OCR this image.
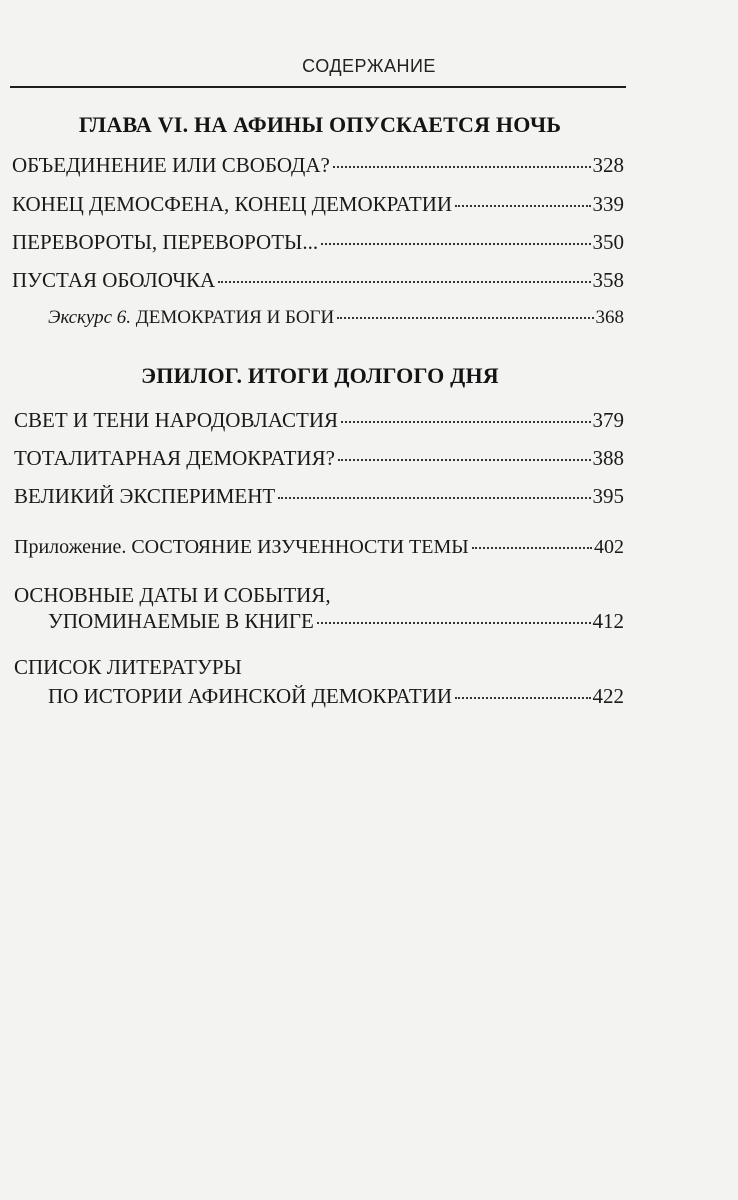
СОДЕРЖАНИЕ
ГЛАВА VI. НА АФИНЫ ОПУСКАЕТСЯ НОЧЬ
ОБЪЕДИНЕНИЕ ИЛИ СВОБОДА?	328
КОНЕЦ ДЕМОСФЕНА, КОНЕЦ ДЕМОКРАТИИ	339
ПЕРЕВОРОТЫ, ПЕРЕВОРОТЫ...	350
ПУСТАЯ ОБОЛОЧКА	358
Экскурс 6. ДЕМОКРАТИЯ И БОГИ	368
ЭПИЛОГ. ИТОГИ ДОЛГОГО ДНЯ
СВЕТ И ТЕНИ НАРОДОВЛАСТИЯ	379
ТОТАЛИТАРНАЯ ДЕМОКРАТИЯ?	388
ВЕЛИКИЙ ЭКСПЕРИМЕНТ	395
Приложение. СОСТОЯНИЕ ИЗУЧЕННОСТИ ТЕМЫ	402
ОСНОВНЫЕ ДАТЫ И СОБЫТИЯ,
УПОМИНАЕМЫЕ В КНИГЕ	412
СПИСОК ЛИТЕРАТУРЫ
ПО ИСТОРИИ АФИНСКОЙ ДЕМОКРАТИИ	422
